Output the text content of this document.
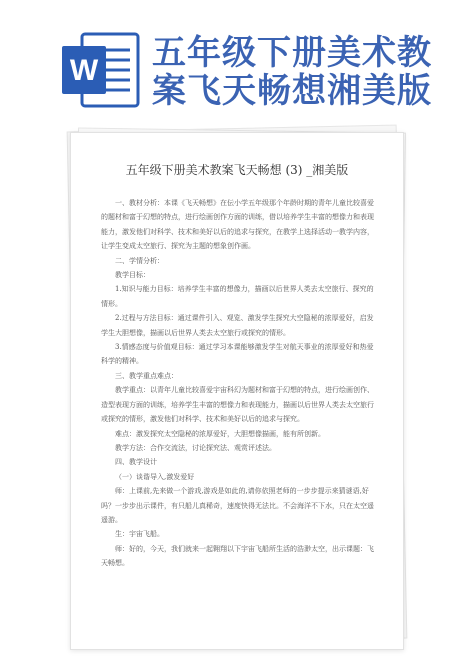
W 五年级下册美术教
案飞天畅想湘美版
五年级下册美术教案飞天畅想 (3) _湘美版

一、教材分析：本课《飞天畅想》在伝小学五年级那个年龄时期的青年儿童比较喜爱的题材和富于幻想的特点，进行绘画创作方面的训练，借以培养学生丰富的想像力和表现能力，激发他们对科学、技术和美好以后的追求与探究，在教学上选择活动一教学内容，让学生变成太空旅行、探究为主题的想象创作画。

二、学情分析：

教学目标：

1.知识与能力目标：培养学生丰富的想像力，描画以后世界人类去太空旅行、探究的情形。

2.过程与方法目标：通过课件引入、观览、激发学生探究大空隐秘的浓厚爱好，启发学生大胆想像，描画以后世界人类去太空旅行或探究的情形。

3.情感态度与价值观目标：通过学习本课能够激发学生对航天事业的浓厚爱好和热爱科学的精神。

三、教学重点难点：

教学重点：以青年儿童比较喜爱宇宙科幻为题材和富于幻想的特点，进行绘画创作、造型表现方面的训练，培养学生丰富的想像力和表现能力，描画以后世界人类去太空旅行或探究的情形，激发他们对科学、技术和美好以后的追求与探究。

难点：激发探究太空隐秘的浓厚爱好，大胆想像描画，能有所创新。

教学方法：合作交流法，讨论探究法、观赏评述法。

四、教学设计

（一）谈谐导入,激发爱好

师：上课前,先来做一个游戏,游戏是如此的,请你依照老师的一步步提示来猜谜语,好吗？一步步出示课件，有只船儿真稀奇，速度快得无法比。不会海洋不下水，只在太空遥遥游。

生：宇宙飞船。

师：好的，今天，我们就来一起翱翔以下宇宙飞船所生活的浩渺太空，出示课题：飞天畅想。
